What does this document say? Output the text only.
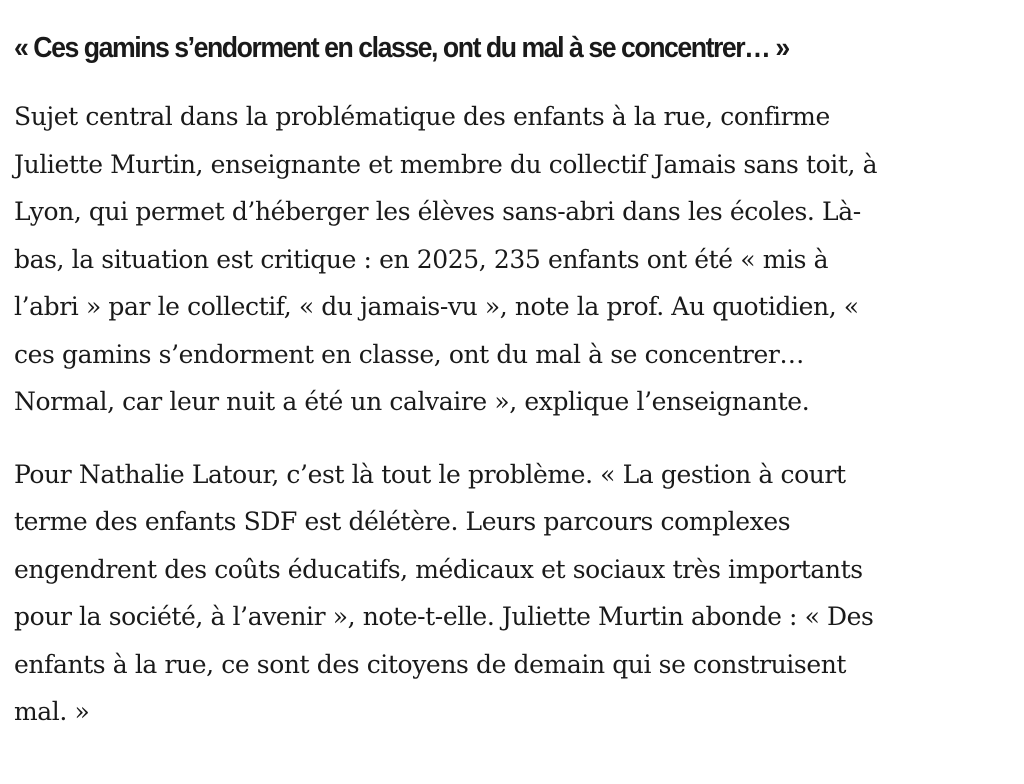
« Ces gamins s’endorment en classe, ont du mal à se concentrer… »

Sujet central dans la problématique des enfants à la rue, confirme
Juliette Murtin, enseignante et membre du collectif Jamais sans toit, à
Lyon, qui permet d’héberger les élèves sans-abri dans les écoles. Là-
bas, la situation est critique : en 2025, 235 enfants ont été « mis à
l’abri » par le collectif, « du jamais-vu », note la prof. Au quotidien, «
ces gamins s’endorment en classe, ont du mal à se concentrer…
Normal, car leur nuit a été un calvaire », explique l’enseignante.

Pour Nathalie Latour, c’est là tout le problème. « La gestion à court
terme des enfants SDF est délétère. Leurs parcours complexes
engendrent des coûts éducatifs, médicaux et sociaux très importants
pour la société, à l’avenir », note-t-elle. Juliette Murtin abonde : « Des
enfants à la rue, ce sont des citoyens de demain qui se construisent
mal. »
